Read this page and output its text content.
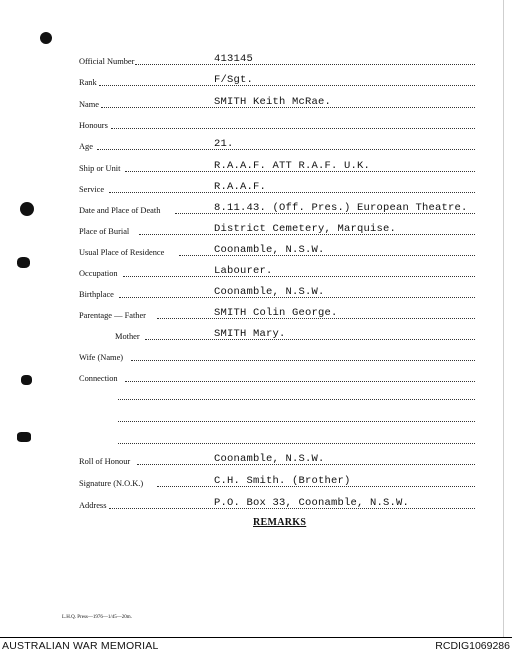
Official Number	413145
Rank	F/Sgt.
Name	SMITH Keith McRae.
Honours
Age	21.
Ship or Unit	R.A.A.F. ATT R.A.F. U.K.
Service	R.A.A.F.
Date and Place of Death	8.11.43. (Off. Pres.) European Theatre.
Place of Burial	District Cemetery, Marquise.
Usual Place of Residence	Coonamble, N.S.W.
Occupation	Labourer.
Birthplace	Coonamble, N.S.W.
Parentage — Father	SMITH Colin George.
Mother	SMITH Mary.
Wife (Name)
Connection
Roll of Honour	Coonamble, N.S.W.
Signature (N.O.K.)	C.H. Smith. (Brother)
Address	P.O. Box 33, Coonamble, N.S.W.
REMARKS
L.H.Q. Press—1976—1/45—20m.
AUSTRALIAN WAR MEMORIAL	RCDIG1069286
